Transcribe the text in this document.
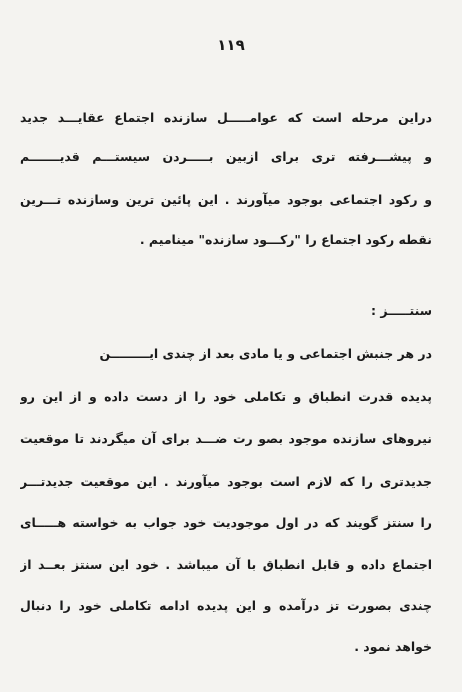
۱۱۹
دراین مرحله است که عوامـــــل سازنده اجتماع عقایـــد جدید
و پیشـــرفته تری برای ازبین بـــــردن سیستـــم قدیـــــــم
و رکود اجتماعی بوجود میآورند . این پائین ترین وسازنده تـــرین
نقطه رکود اجتماع را "رکـــود سازنده" مینامیم .
سنتـــــز :
در هر جنبش اجتماعی و یا مادی بعد از چندی ایـــــــــن
پدیده قدرت انطباق و تکاملی خود را از دست داده و از این رو
نیروهای سازنده موجود بصو رت ضـــد برای آن میگردند تا موقعیت
جدیدتری را که لازم است بوجود میآورند . این موقعیت جدیدتـــر
را سنتز گویند که در اول موجودیت خود جواب به خواسته هـــــای
اجتماع داده و قابل انطباق با آن میباشد . خود این سنتز بعــد از
چندی بصورت تز درآمده و این پدیده ادامه تکاملی خود را دنبال
خواهد نمود .
